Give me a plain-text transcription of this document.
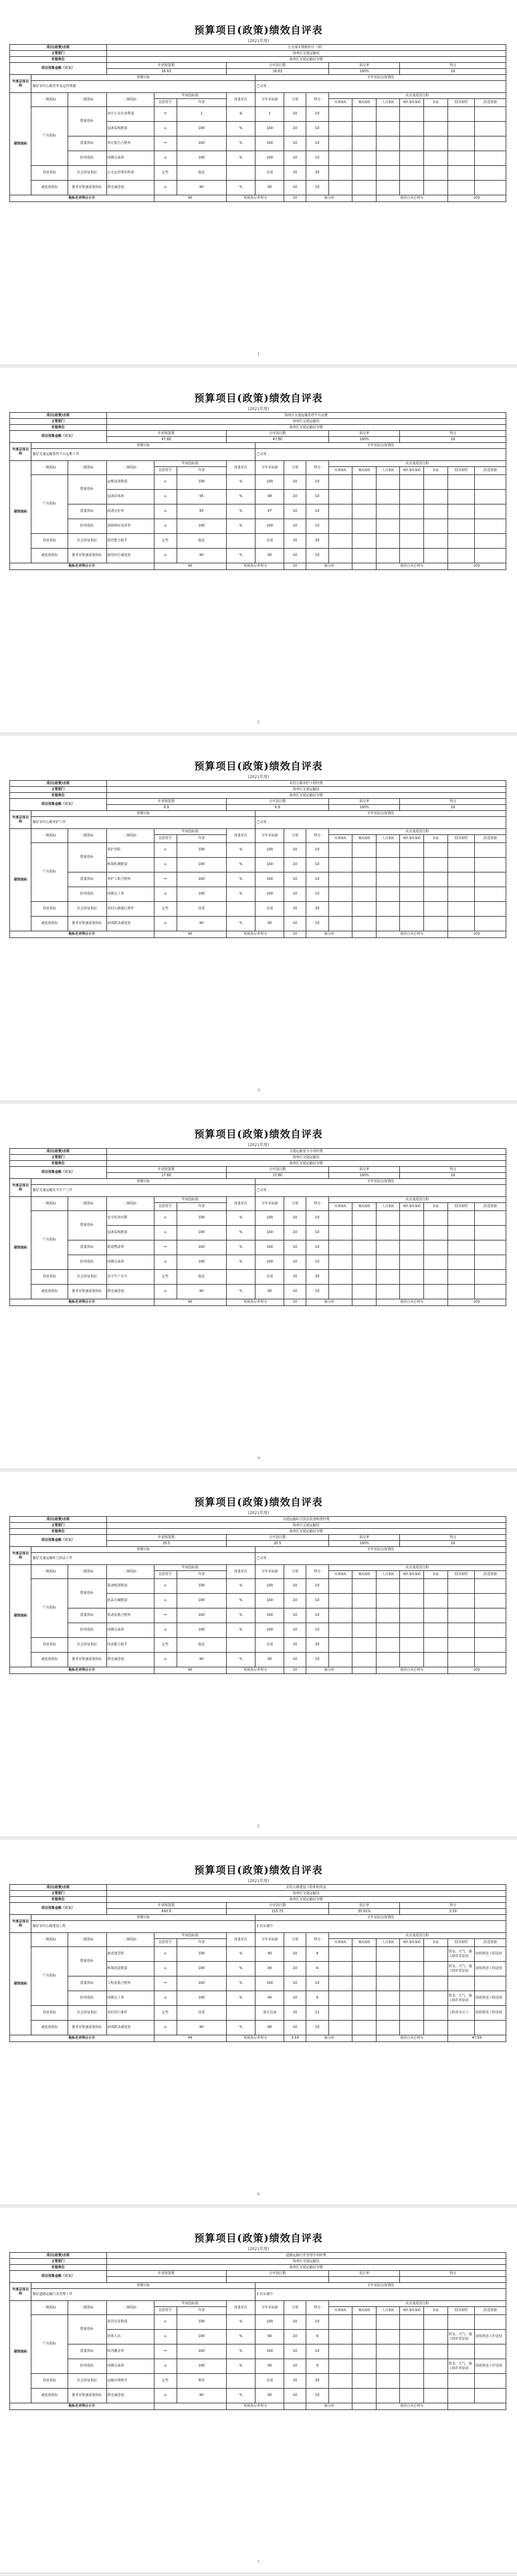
预算项目(政策)绩效自评表
(2021年度)
项目(政策)名称			公交成本规制审计（新）													
主管部门			海州区交通运输局													
实施单位			海州区交通运输局本级													
项目预算金额（万元）			年初预算数			全年执行数				执行率			得分			
			16.63			16.63				100%			10			
年度总体目标	预期目标						全年实际完成情况									
	做好农村公路管养及运营规制						已完成									
绩效指标	一级指标	二级指标	三级指标	年度指标值		度量单位	全年实际值	分值	得分	未完成原因分析						
				比较符号	内容					经费保障	制度保障	人员保障	硬件条件保障	其他	原因说明	改进措施
	产出指标	数量指标	审计公交企业数量	=	1	家	1	10	10							
			设备采购数量	≥	100	%	100	10	10							
		质量指标	审计报告合格率	=	100	%	100	10	10							
		时效指标	按期完成率	≥	100	%	100	10	10							
	效益指标	社会效益指标	公交运营规范程度	定性	提高		达成	20	20							
	满意度指标	服务对象满意度指标	群众满意度	≥	90	%	95	10	10							
指标自评得分小计				90		预算执行率得分		10	减分项			绩效自评总得分			100	
1
预算项目(政策)绩效自评表
(2021年度)
项目(政策)名称			海州区交通运输监控平台运维													
主管部门			海州区交通运输局													
实施单位			海州区交通运输局本级													
项目预算金额（万元）			年初预算数			全年执行数				执行率			得分			
			47.80			47.80				100%			10			
年度总体目标	预期目标						全年实际完成情况									
	做好交通运输监控平台运维工作						已完成									
绩效指标	一级指标	二级指标	三级指标	年度指标值		度量单位	全年实际值	分值	得分	未完成原因分析						
				比较符号	内容					经费保障	制度保障	人员保障	硬件条件保障	其他	原因说明	改进措施
	产出指标	数量指标	运维设备数量	≥	100	%	100	10	10							
			设备在线率	≥	95	%	98	10	10							
		质量指标	设备完好率	≥	95	%	97	10	10							
		时效指标	故障响应及时率	≥	100	%	100	10	10							
	效益指标	社会效益指标	监管能力提升	定性	提高		达成	20	20							
	满意度指标	服务对象满意度指标	使用单位满意度	≥	90	%	95	10	10							
指标自评得分小计				90		预算执行率得分		10	减分项			绩效自评总得分			100	
2
预算项目(政策)绩效自评表
(2021年度)
项目(政策)名称			农村公路养护工程经费													
主管部门			海州区交通运输局													
实施单位			海州区交通运输局本级													
项目预算金额（万元）			年初预算数			全年执行数				执行率			得分			
			6.9			6.9				100%			10			
年度总体目标	预期目标						全年实际完成情况									
	做好农村公路养护工作						已完成									
绩效指标	一级指标	二级指标	三级指标	年度指标值		度量单位	全年实际值	分值	得分	未完成原因分析						
				比较符号	内容					经费保障	制度保障	人员保障	硬件条件保障	其他	原因说明	改进措施
	产出指标	数量指标	养护里程	≥	100	%	100	10	10							
			桥梁检测数量	≥	100	%	100	10	10							
		质量指标	养护工程合格率	=	100	%	100	10	10							
		时效指标	按期完工率	≥	100	%	100	10	10							
	效益指标	社会效益指标	农村公路通行条件	定性	改善		达成	20	20							
	满意度指标	服务对象满意度指标	沿线群众满意度	≥	90	%	95	10	10							
指标自评得分小计				90		预算执行率得分		10	减分项			绩效自评总得分			100	
3
预算项目(政策)绩效自评表
(2021年度)
项目(政策)名称			交通运输安全专项经费													
主管部门			海州区交通运输局													
实施单位			海州区交通运输局本级													
项目预算金额（万元）			年初预算数			全年执行数				执行率			得分			
			17.80			17.80				100%			10			
年度总体目标	预期目标						全年实际完成情况									
	做好交通运输安全生产工作						已完成									
绩效指标	一级指标	二级指标	三级指标	年度指标值		度量单位	全年实际值	分值	得分	未完成原因分析						
				比较符号	内容					经费保障	制度保障	人员保障	硬件条件保障	其他	原因说明	改进措施
	产出指标	数量指标	安全检查次数	≥	100	%	100	10	10							
			设备采购数量	≥	100	%	100	10	10							
		质量指标	隐患整改率	=	100	%	100	10	10							
		时效指标	按期完成率	≥	100	%	100	10	10							
	效益指标	社会效益指标	安全生产水平	定性	提高		达成	20	20							
	满意度指标	服务对象满意度指标	群众满意度	≥	90	%	95	10	10							
指标自评得分小计				90		预算执行率得分		10	减分项			绩效自评总得分			100	
4
预算项目(政策)绩效自评表
(2021年度)
项目(政策)名称			交通运输综合执法装备购置经费													
主管部门			海州区交通运输局													
实施单位			海州区交通运输局本级													
项目预算金额（万元）			年初预算数			全年执行数				执行率			得分			
			20.5			20.5				100%			10			
年度总体目标	预期目标						全年实际完成情况									
	做好交通运输综合执法工作						已完成									
绩效指标	一级指标	二级指标	三级指标	年度指标值		度量单位	全年实际值	分值	得分	未完成原因分析						
				比较符号	内容					经费保障	制度保障	人员保障	硬件条件保障	其他	原因说明	改进措施
	产出指标	数量指标	装备购置数量	≥	100	%	100	10	10							
			执法车辆数量	≥	100	%	100	10	10							
		质量指标	装备验收合格率	=	100	%	100	10	10							
		时效指标	按期完成率	≥	100	%	100	10	10							
	效益指标	社会效益指标	执法能力提升	定性	提高		达成	20	20							
	满意度指标	服务对象满意度指标	群众满意度	≥	90	%	95	10	10							
指标自评得分小计				90		预算执行率得分		10	减分项			绩效自评总得分			100	
5
预算项目(政策)绩效自评表
(2021年度)
项目(政策)名称			农村公路建设工程补助资金													
主管部门			海州区交通运输局													
实施单位			海州区交通运输局本级													
项目预算金额（万元）			年初预算数			全年执行数				执行率			得分			
			600.9			215.73				35.91%			3.59			
年度总体目标	预期目标						全年实际完成情况									
	做好农村公路建设工程						正在实施中									
绩效指标	一级指标	二级指标	三级指标	年度指标值		度量单位	全年实际值	分值	得分	未完成原因分析						
				比较符号	内容					经费保障	制度保障	人员保障	硬件条件保障	其他	原因说明	改进措施
	产出指标	数量指标	新改建里程	≥	100	%	40	10	4						资金、天气、施工组织等原因	加快推进工程进度
			桥梁改造数量	≥	100	%	40	10	4						资金、天气、施工组织等原因	加快推进工程进度
		质量指标	工程验收合格率	=	100	%	100	10	10							
		时效指标	按期完工率	≥	100	%	40	10	4						资金、天气、施工组织等原因	加快推进工程进度
	效益指标	社会效益指标	农村出行条件	定性	改善		部分达成	20	12						工程尚未完工	加快推进工程进度
	满意度指标	服务对象满意度指标	沿线群众满意度	≥	90	%	90	10	10							
指标自评得分小计				44		预算执行率得分		3.59	减分项			绩效自评总得分			47.59	
6
预算项目(政策)绩效自评表
(2021年度)
项目(政策)名称			道路运输行业管理专项经费													
主管部门			海州区交通运输局													
实施单位			海州区交通运输局本级													
项目预算金额（万元）			年初预算数			全年执行数				执行率			得分			

年度总体目标	预期目标						全年实际完成情况									
	做好道路运输行业管理工作						正在实施中									
绩效指标	一级指标	二级指标	三级指标	年度指标值		度量单位	全年实际值	分值	得分	未完成原因分析						
				比较符号	内容					经费保障	制度保障	人员保障	硬件条件保障	其他	原因说明	改进措施
	产出指标	数量指标	监管企业数量	≥	100	%	100	10	10							
			培训人次	≥	100	%	90	10	9						资金、天气、施工组织等原因	加快推进工作进度
		质量指标	检查覆盖率	=	100	%	100	10	10							
		时效指标	按期完成率	≥	100	%	90	10	9						资金、天气、施工组织等原因	加快推进工作进度
	效益指标	社会效益指标	运输市场秩序	定性	规范		达成	20	20							
	满意度指标	服务对象满意度指标	群众满意度	≥	90	%	95	10	10							
指标自评得分小计						预算执行率得分			减分项			绩效自评总得分				
7
